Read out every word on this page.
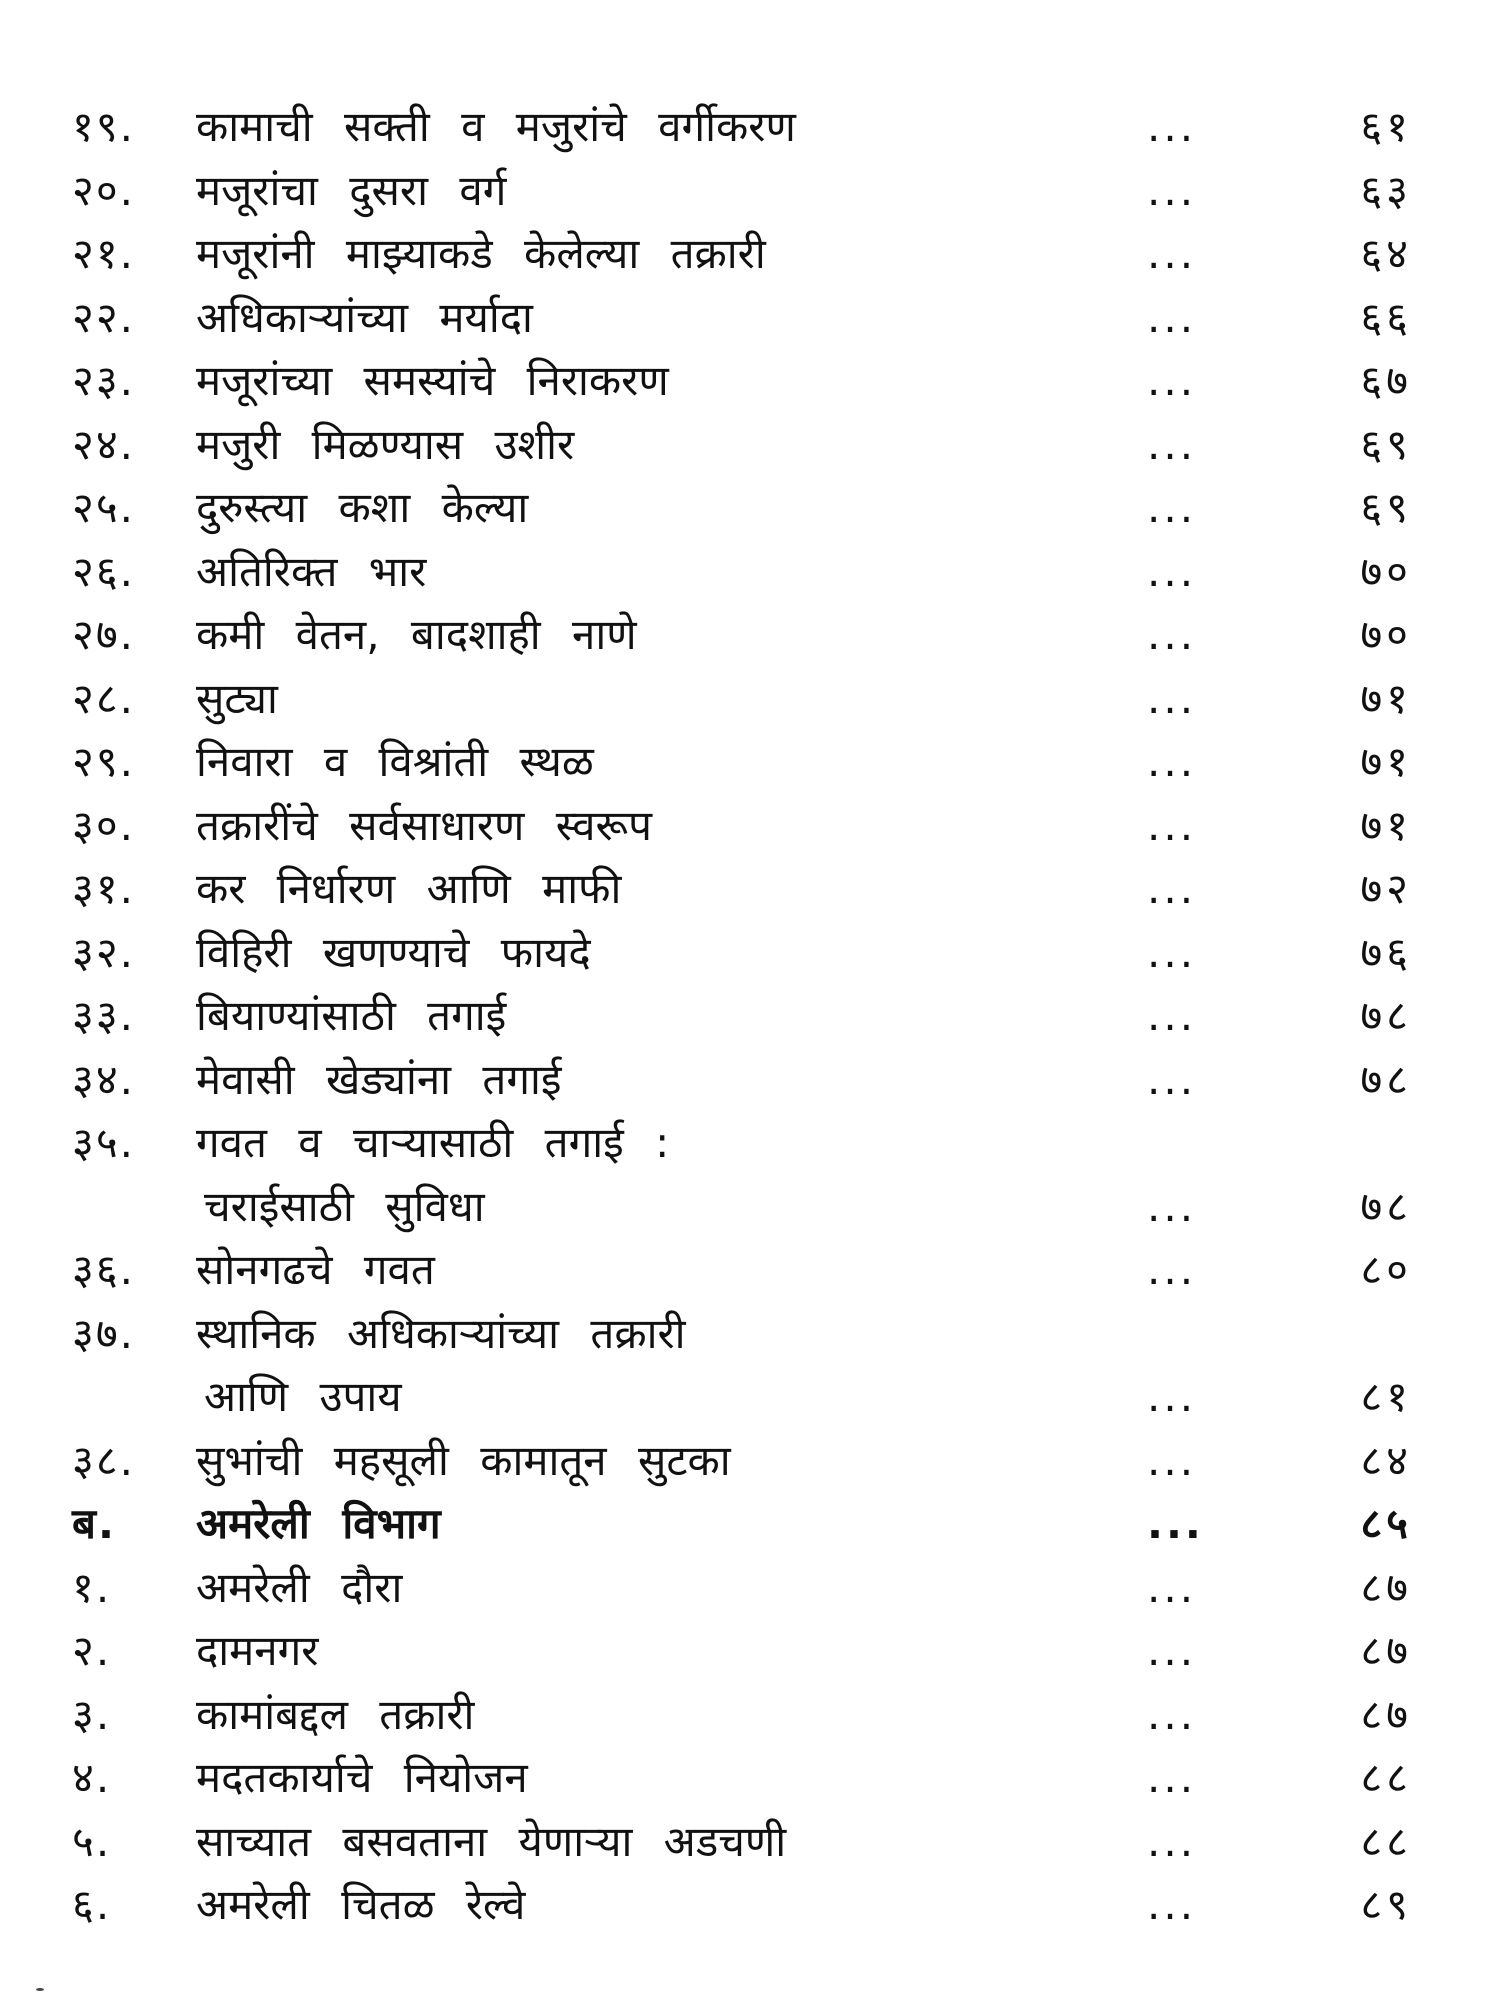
१९. कामाची सक्ती व मजुरांचे वर्गीकरण	...	६१
२०. मजूरांचा दुसरा वर्ग	...	६३
२१. मजूरांनी माझ्याकडे केलेल्या तक्रारी	...	६४
२२. अधिकाऱ्यांच्या मर्यादा	...	६६
२३. मजूरांच्या समस्यांचे निराकरण	...	६७
२४. मजुरी मिळण्यास उशीर	...	६९
२५. दुरुस्त्या कशा केल्या	...	६९
२६. अतिरिक्त भार	...	७०
२७. कमी वेतन, बादशाही नाणे	...	७०
२८. सुट्या	...	७१
२९. निवारा व विश्रांती स्थळ	...	७१
३०. तक्रारींचे सर्वसाधारण स्वरूप	...	७१
३१. कर निर्धारण आणि माफी	...	७२
३२. विहिरी खणण्याचे फायदे	...	७६
३३. बियाण्यांसाठी तगाई	...	७८
३४. मेवासी खेड्यांना तगाई	...	७८
३५. गवत व चाऱ्यासाठी तगाई :
चराईसाठी सुविधा	...	७८
३६. सोनगढचे गवत	...	८०
३७. स्थानिक अधिकाऱ्यांच्या तक्रारी
आणि उपाय	...	८१
३८. सुभांची महसूली कामातून सुटका	...	८४
ब. अमरेली विभाग	...	८५
१. अमरेली दौरा	...	८७
२. दामनगर	...	८७
३. कामांबद्दल तक्रारी	...	८७
४. मदतकार्याचे नियोजन	...	८८
५. साच्यात बसवताना येणाऱ्या अडचणी	...	८८
६. अमरेली चितळ रेल्वे	...	८९
